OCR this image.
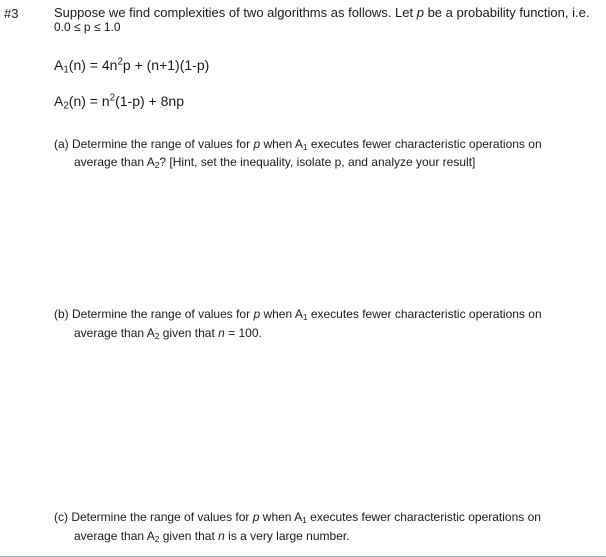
#3	Suppose we find complexities of two algorithms as follows. Let p be a probability function, i.e.
0.0 ≤ p ≤ 1.0
$A_1(n) = 4n^2p + (n+1)(1-p)$
$A_2(n) = n^2(1-p) + 8np$
(a) Determine the range of values for p when $A_1$ executes fewer characteristic operations on
average than $A_2$? [Hint, set the inequality, isolate p, and analyze your result]
(b) Determine the range of values for p when $A_1$ executes fewer characteristic operations on
average than $A_2$ given that n = 100.
(c) Determine the range of values for p when $A_1$ executes fewer characteristic operations on
average than $A_2$ given that n is a very large number.
